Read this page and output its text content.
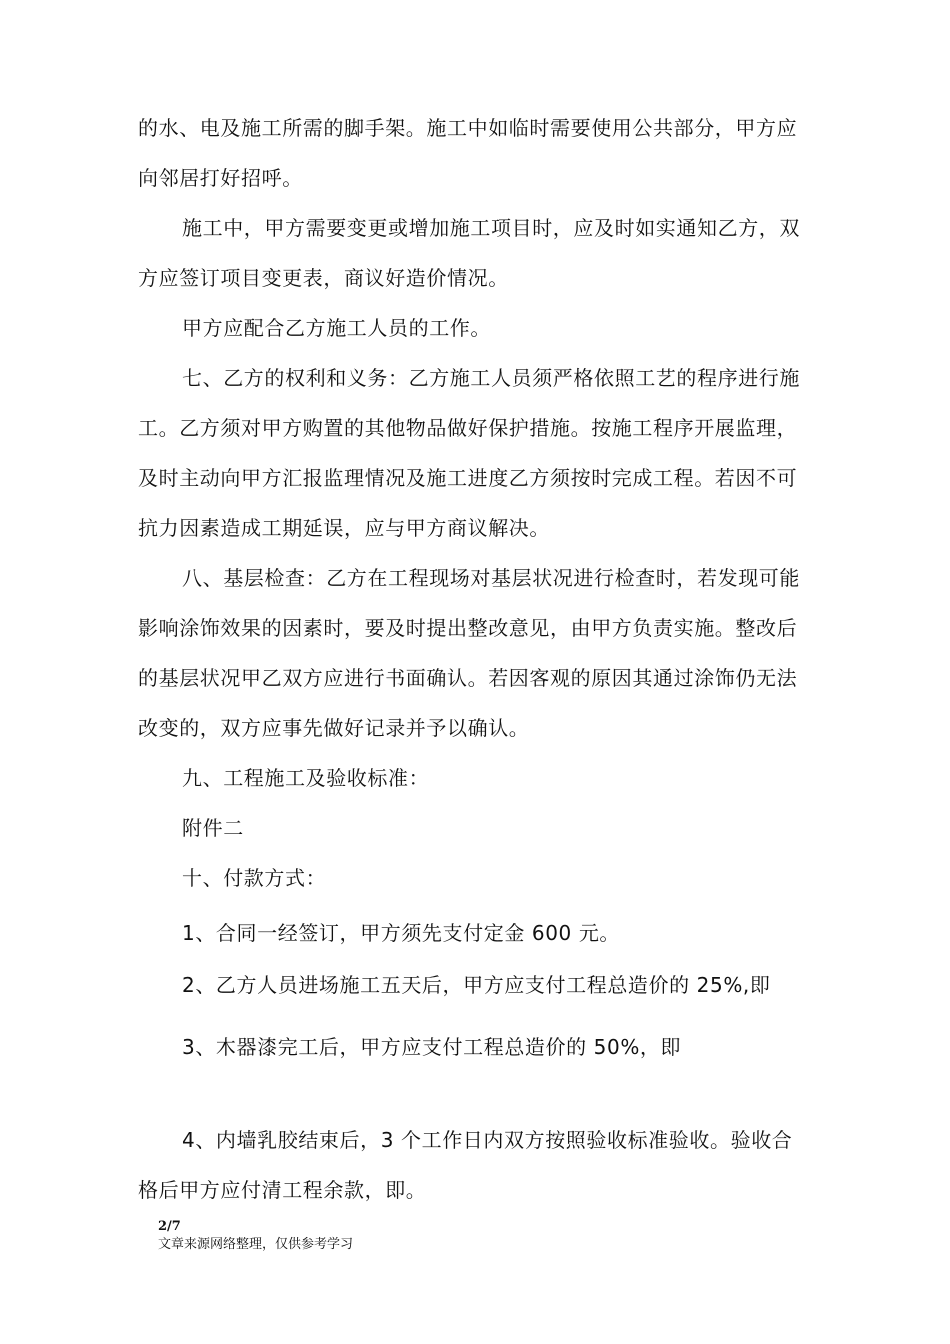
的水、电及施工所需的脚手架。施工中如临时需要使用公共部分，甲方应向邻居打好招呼。

施工中，甲方需要变更或增加施工项目时，应及时如实通知乙方，双方应签订项目变更表，商议好造价情况。

甲方应配合乙方施工人员的工作。

七、乙方的权利和义务：乙方施工人员须严格依照工艺的程序进行施工。乙方须对甲方购置的其他物品做好保护措施。按施工程序开展监理，及时主动向甲方汇报监理情况及施工进度乙方须按时完成工程。若因不可抗力因素造成工期延误，应与甲方商议解决。

八、基层检查：乙方在工程现场对基层状况进行检查时，若发现可能影响涂饰效果的因素时，要及时提出整改意见，由甲方负责实施。整改后的基层状况甲乙双方应进行书面确认。若因客观的原因其通过涂饰仍无法改变的，双方应事先做好记录并予以确认。

九、工程施工及验收标准：

附件二

十、付款方式：

1、合同一经签订，甲方须先支付定金 600 元。

2、乙方人员进场施工五天后，甲方应支付工程总造价的 25%,即

3、木器漆完工后，甲方应支付工程总造价的 50%，即

4、内墙乳胶结束后，3 个工作日内双方按照验收标准验收。验收合格后甲方应付清工程余款，即。

2/7
文章来源网络整理，仅供参考学习
